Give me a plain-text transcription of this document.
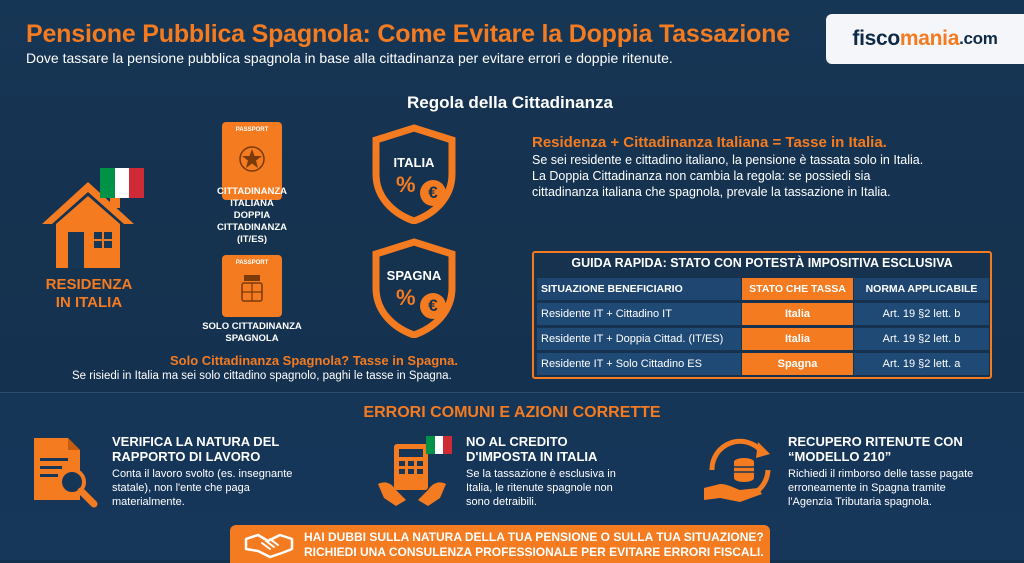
Pensione Pubblica Spagnola: Come Evitare la Doppia Tassazione
Dove tassare la pensione pubblica spagnola in base alla cittadinanza per evitare errori e doppie ritenute.
fisco mania .com
Regola della Cittadinanza
RESIDENZA
IN ITALIA
PASSPORT
CITTADINANZA
ITALIANA
DOPPIA
CITTADINANZA
(IT/ES)
PASSPORT
SOLO CITTADINANZA
SPAGNOLA
ITALIA
% €
SPAGNA
% €
Residenza + Cittadinanza Italiana = Tasse in Italia.
Se sei residente e cittadino italiano, la pensione è tassata solo in Italia.
La Doppia Cittadinanza non cambia la regola: se possiedi sia
cittadinanza italiana che spagnola, prevale la tassazione in Italia.
Solo Cittadinanza Spagnola? Tasse in Spagna.
Se risiedi in Italia ma sei solo cittadino spagnolo, paghi le tasse in Spagna.
GUIDA RAPIDA: STATO CON POTESTÀ IMPOSITIVA ESCLUSIVA
SITUAZIONE BENEFICIARIO	STATO CHE TASSA	NORMA APPLICABILE
Residente IT + Cittadino IT	Italia	Art. 19 §2 lett. b
Residente IT + Doppia Cittad. (IT/ES)	Italia	Art. 19 §2 lett. b
Residente IT + Solo Cittadino ES	Spagna	Art. 19 §2 lett. a
ERRORI COMUNI E AZIONI CORRETTE
VERIFICA LA NATURA DEL
RAPPORTO DI LAVORO
Conta il lavoro svolto (es. insegnante
statale), non l'ente che paga
materialmente.
NO AL CREDITO
D'IMPOSTA IN ITALIA
Se la tassazione è esclusiva in
Italia, le ritenute spagnole non
sono detraibili.
RECUPERO RITENUTE CON
“MODELLO 210”
Richiedi il rimborso delle tasse pagate
erroneamente in Spagna tramite
l'Agenzia Tributaria spagnola.
HAI DUBBI SULLA NATURA DELLA TUA PENSIONE O SULLA TUA SITUAZIONE?
RICHIEDI UNA CONSULENZA PROFESSIONALE PER EVITARE ERRORI FISCALI.
